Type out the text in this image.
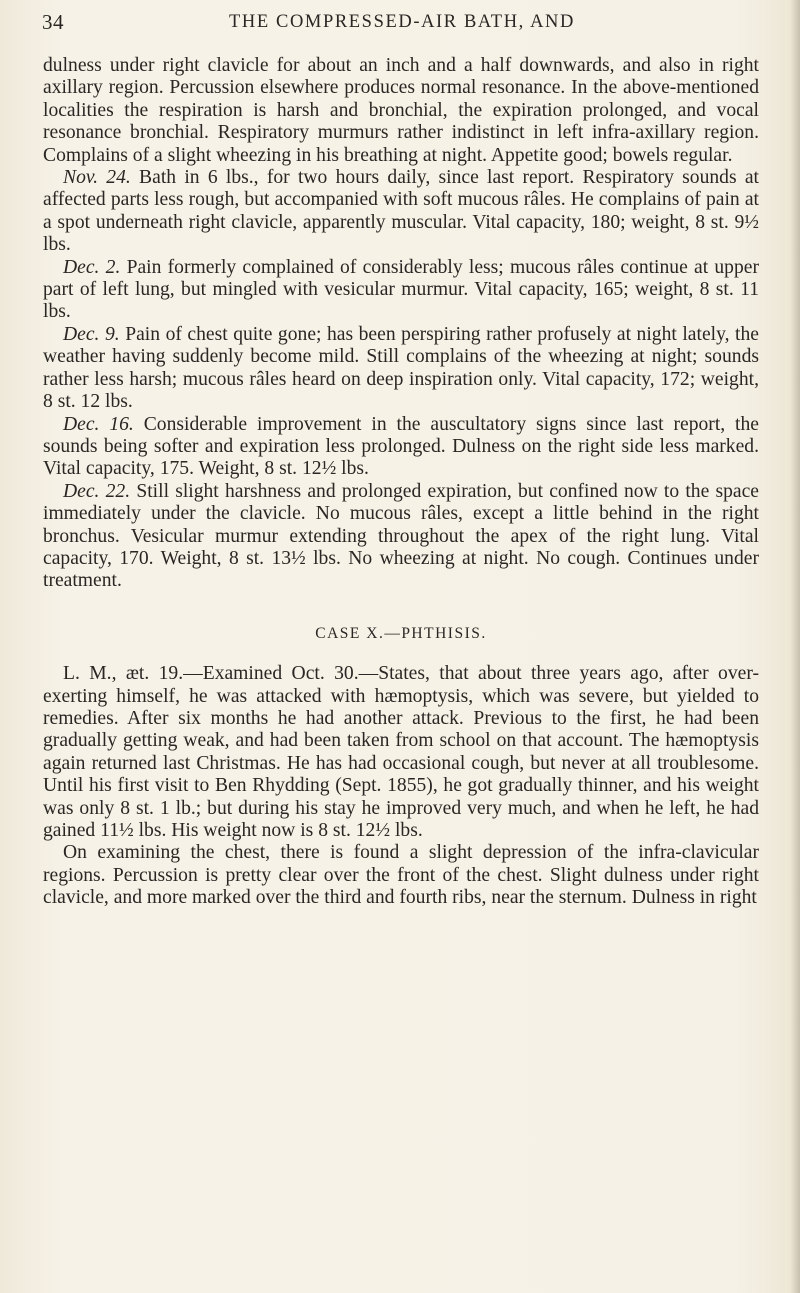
34	THE COMPRESSED-AIR BATH, AND

dulness under right clavicle for about an inch and a half downwards, and also in right axillary region. Percussion elsewhere produces normal resonance. In the above-mentioned localities the respiration is harsh and bronchial, the expiration prolonged, and vocal resonance bronchial. Respiratory murmurs rather indistinct in left infra-axillary region. Complains of a slight wheezing in his breathing at night. Appetite good; bowels regular.

Nov. 24. Bath in 6 lbs., for two hours daily, since last report. Respiratory sounds at affected parts less rough, but accompanied with soft mucous râles. He complains of pain at a spot underneath right clavicle, apparently muscular. Vital capacity, 180; weight, 8 st. 9½ lbs.

Dec. 2. Pain formerly complained of considerably less; mucous râles continue at upper part of left lung, but mingled with vesicular murmur. Vital capacity, 165; weight, 8 st. 11 lbs.

Dec. 9. Pain of chest quite gone; has been perspiring rather profusely at night lately, the weather having suddenly become mild. Still complains of the wheezing at night; sounds rather less harsh; mucous râles heard on deep inspiration only. Vital capacity, 172; weight, 8 st. 12 lbs.

Dec. 16. Considerable improvement in the auscultatory signs since last report, the sounds being softer and expiration less prolonged. Dulness on the right side less marked. Vital capacity, 175. Weight, 8 st. 12½ lbs.

Dec. 22. Still slight harshness and prolonged expiration, but confined now to the space immediately under the clavicle. No mucous râles, except a little behind in the right bronchus. Vesicular murmur extending throughout the apex of the right lung. Vital capacity, 170. Weight, 8 st. 13½ lbs. No wheezing at night. No cough. Continues under treatment.

CASE X.—PHTHISIS.

L. M., æt. 19.—Examined Oct. 30.—States, that about three years ago, after over-exerting himself, he was attacked with hæmoptysis, which was severe, but yielded to remedies. After six months he had another attack. Previous to the first, he had been gradually getting weak, and had been taken from school on that account. The hæmoptysis again returned last Christmas. He has had occasional cough, but never at all troublesome. Until his first visit to Ben Rhydding (Sept. 1855), he got gradually thinner, and his weight was only 8 st. 1 lb.; but during his stay he improved very much, and when he left, he had gained 11½ lbs. His weight now is 8 st. 12½ lbs.

On examining the chest, there is found a slight depression of the infra-clavicular regions. Percussion is pretty clear over the front of the chest. Slight dulness under right clavicle, and more marked over the third and fourth ribs, near the sternum. Dulness in right
